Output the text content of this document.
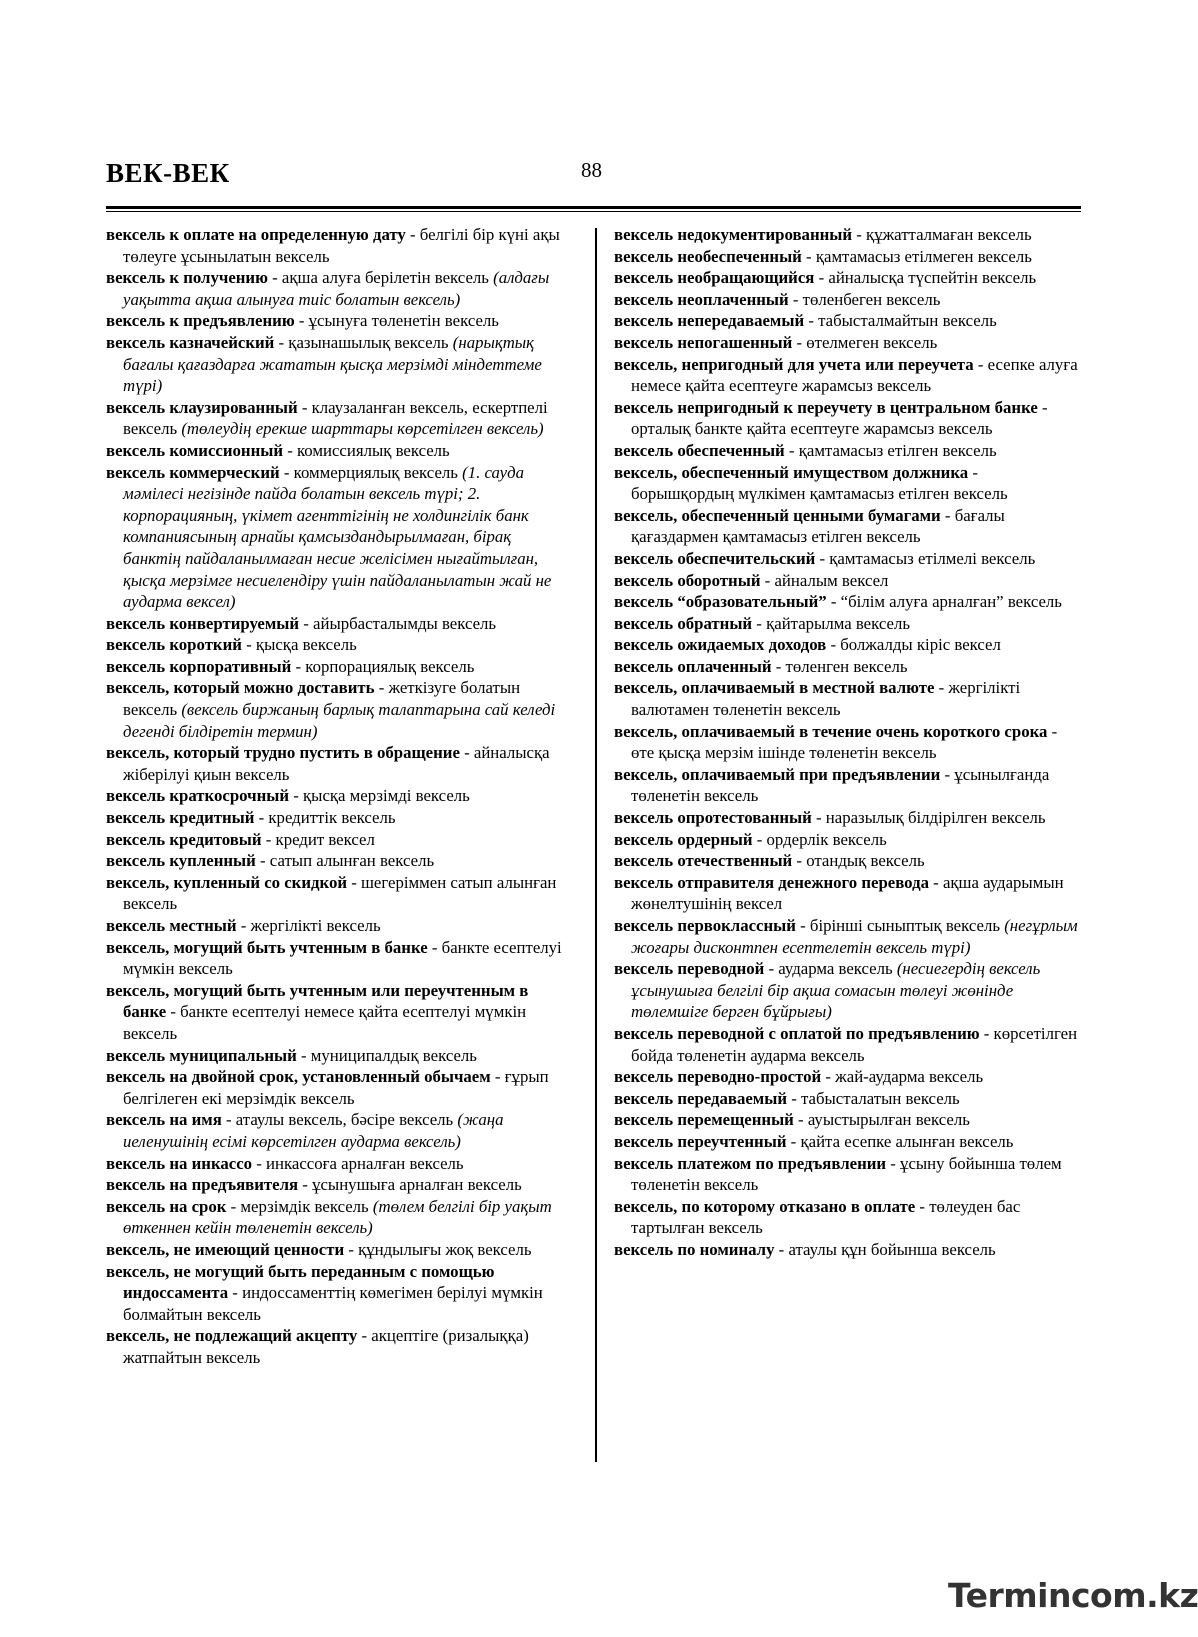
ВЕК-ВЕК	88

вексель к оплате на определенную дату - белгілі бір күні ақы төлеуге ұсынылатын вексель

вексель к получению - ақша алуға берілетін вексель (алдағы уақытта ақша алынуға тиіс болатын вексель)

вексель к предъявлению - ұсынуға төленетін вексель

вексель казначейский - қазынашылық вексель (нарықтық бағалы қағаздарға жататын қысқа мерзімді міндеттеме түрі)

вексель клаузированный - клаузаланған вексель, ескертпелі вексель (төлеудің ерекше шарттары көрсетілген вексель)

вексель комиссионный - комиссиялық вексель

вексель коммерческий - коммерциялық вексель (1. сауда мәмілесі негізінде пайда болатын вексель түрі; 2. корпорацияның, үкімет агенттігінің не холдингілік банк компаниясының арнайы қамсыздандырылмаған, бірақ банктің пайдаланылмаған несие желісімен нығайтылған, қысқа мерзімге несиелендіру үшін пайдаланылатын жай не аударма вексел)

вексель конвертируемый - айырбасталымды вексель

вексель короткий - қысқа вексель

вексель корпоративный - корпорациялық вексель

вексель, который можно доставить - жеткізуге болатын вексель (вексель биржаның барлық талаптарына сай келеді дегенді білдіретін термин)

вексель, который трудно пустить в обращение - айналысқа жіберілуі қиын вексель

вексель краткосрочный - қысқа мерзімді вексель

вексель кредитный - кредиттік вексель

вексель кредитовый - кредит вексел

вексель купленный - сатып алынған вексель

вексель, купленный со скидкой - шегеріммен сатып алынған вексель

вексель местный - жергілікті вексель

вексель, могущий быть учтенным в банке - банкте есептелуі мүмкін вексель

вексель, могущий быть учтенным или переучтенным в банке - банкте есептелуі немесе қайта есептелуі мүмкін вексель

вексель муниципальный - муниципалдық вексель

вексель на двойной срок, установленный обычаем - ғұрып белгілеген екі мерзімдік вексель

вексель на имя - атаулы вексель, бәсіре вексель (жаңа иеленушінің есімі көрсетілген аударма вексель)

вексель на инкассо - инкассоға арналған вексель

вексель на предъявителя - ұсынушыға арналған вексель

вексель на срок - мерзімдік вексель (төлем белгілі бір уақыт өткеннен кейін төленетін вексель)

вексель, не имеющий ценности - құндылығы жоқ вексель

вексель, не могущий быть переданным с помощью индоссамента - индоссаменттің көмегімен берілуі мүмкін болмайтын вексель

вексель, не подлежащий акцепту - акцептіге (ризалыққа) жатпайтын вексель

вексель недокументированный - құжатталмаған вексель

вексель необеспеченный - қамтамасыз етілмеген вексель

вексель необращающийся - айналысқа түспейтін вексель

вексель неоплаченный - төленбеген вексель

вексель непередаваемый - табысталмайтын вексель

вексель непогашенный - өтелмеген вексель

вексель, непригодный для учета или переучета - есепке алуға немесе қайта есептеуге жарамсыз вексель

вексель непригодный к переучету в центральном банке - орталық банкте қайта есептеуге жарамсыз вексель

вексель обеспеченный - қамтамасыз етілген вексель

вексель, обеспеченный имуществом должника - борышқордың мүлкімен қамтамасыз етілген вексель

вексель, обеспеченный ценными бумагами - бағалы қағаздармен қамтамасыз етілген вексель

вексель обеспечительский - қамтамасыз етілмелі вексель

вексель оборотный - айналым вексел

вексель “образовательный” - “білім алуға арналған” вексель

вексель обратный - қайтарылма вексель

вексель ожидаемых доходов - болжалды кіріс вексел

вексель оплаченный - төленген вексель

вексель, оплачиваемый в местной валюте - жергілікті валютамен төленетін вексель

вексель, оплачиваемый в течение очень короткого срока - өте қысқа мерзім ішінде төленетін вексель

вексель, оплачиваемый при предъявлении - ұсынылғанда төленетін вексель

вексель опротестованный - наразылық білдірілген вексель

вексель ордерный - ордерлік вексель

вексель отечественный - отандық вексель

вексель отправителя денежного перевода - ақша аударымын жөнелтушінің вексел

вексель первоклассный - бірінші сыныптық вексель (негұрлым жоғары дисконтпен есептелетін вексель түрі)

вексель переводной - аударма вексель (несиегердің вексель ұсынушыға белгілі бір ақша сомасын төлеуі жөнінде төлемшіге берген бұйрығы)

вексель переводной с оплатой по предъявлению - көрсетілген бойда төленетін аударма вексель

вексель переводно-простой - жай-аударма вексель

вексель передаваемый - табысталатын вексель

вексель перемещенный - ауыстырылған вексель

вексель переучтенный - қайта есепке алынған вексель

вексель платежом по предъявлении - ұсыну бойынша төлем төленетін вексель

вексель, по которому отказано в оплате - төлеуден бас тартылған вексель

вексель по номиналу - атаулы құн бойынша вексель

Termincom.kz
